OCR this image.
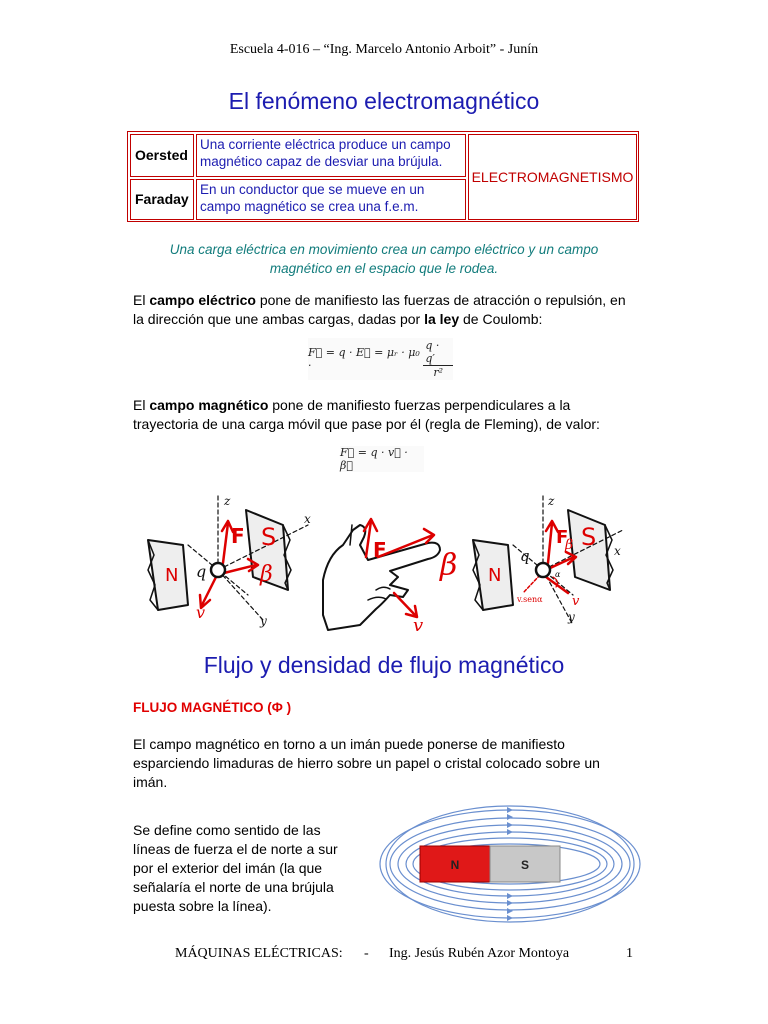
Escuela 4-016 – “Ing. Marcelo Antonio Arboit” - Junín
El fenómeno electromagnético
Oersted
Una corriente eléctrica produce un campo
magnético capaz de desviar una brújula.
Faraday
En un conductor que se mueve en un
campo magnético se crea una f.e.m.
ELECTROMAGNETISMO
Una carga eléctrica en movimiento crea un campo eléctrico y un campo
magnético en el espacio que le rodea.
El campo eléctrico pone de manifiesto las fuerzas de atracción o repulsión, en
la dirección que une ambas cargas, dadas por la ley de Coulomb:
F⃗ = q · E⃗ = μᵣ · μ₀ ·	$\frac{q \cdot q'}{\text{r²}}$
El campo magnético pone de manifiesto fuerzas perpendiculares a la
trayectoria de una carga móvil que pase por él (regla de Fleming), de valor:
F⃗ = q · v⃗ · β⃗
z
F S
x
N q β
v	y
F β
v
z
F S x
N
q
β
v
y
v.senα
α
Flujo y densidad de flujo magnético
FLUJO MAGNÉTICO (Φ )
El campo magnético en torno a un imán puede ponerse de manifiesto
esparciendo limaduras de hierro sobre un papel o cristal colocado sobre un
imán.
Se define como sentido de las
líneas de fuerza el de norte a sur
por el exterior del imán (la que
señalaría el norte de una brújula
puesta sobre la línea).
N	S
MÁQUINAS ELÉCTRICAS: - Ing. Jesús Rubén Azor Montoya	1
